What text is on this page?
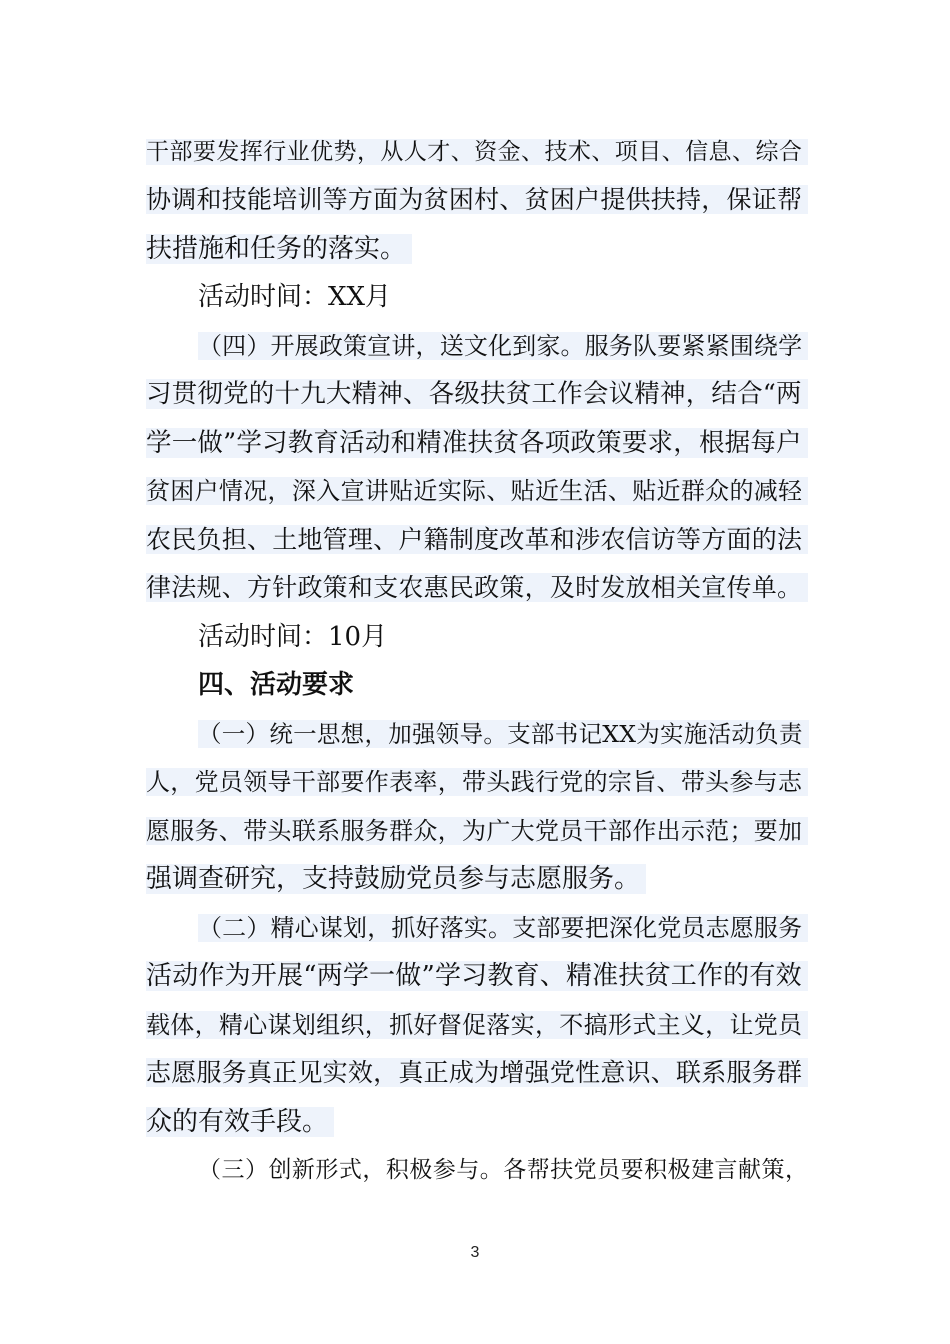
干部要发挥行业优势，从人才、资金、技术、项目、信息、综合
协调和技能培训等方面为贫困村、贫困户提供扶持，保证帮
扶措施和任务的落实。
活动时间：XX月
（四）开展政策宣讲，送文化到家。服务队要紧紧围绕学
习贯彻党的十九大精神、各级扶贫工作会议精神，结合“两
学一做”学习教育活动和精准扶贫各项政策要求，根据每户
贫困户情况，深入宣讲贴近实际、贴近生活、贴近群众的减轻
农民负担、土地管理、户籍制度改革和涉农信访等方面的法
律法规、方针政策和支农惠民政策，及时发放相关宣传单。
活动时间：10月
四、活动要求
（一）统一思想，加强领导。支部书记XX为实施活动负责
人，党员领导干部要作表率，带头践行党的宗旨、带头参与志
愿服务、带头联系服务群众，为广大党员干部作出示范；要加
强调查研究，支持鼓励党员参与志愿服务。
（二）精心谋划，抓好落实。支部要把深化党员志愿服务
活动作为开展“两学一做”学习教育、精准扶贫工作的有效
载体，精心谋划组织，抓好督促落实，不搞形式主义，让党员
志愿服务真正见实效，真正成为增强党性意识、联系服务群
众的有效手段。
（三）创新形式，积极参与。各帮扶党员要积极建言献策，
3
